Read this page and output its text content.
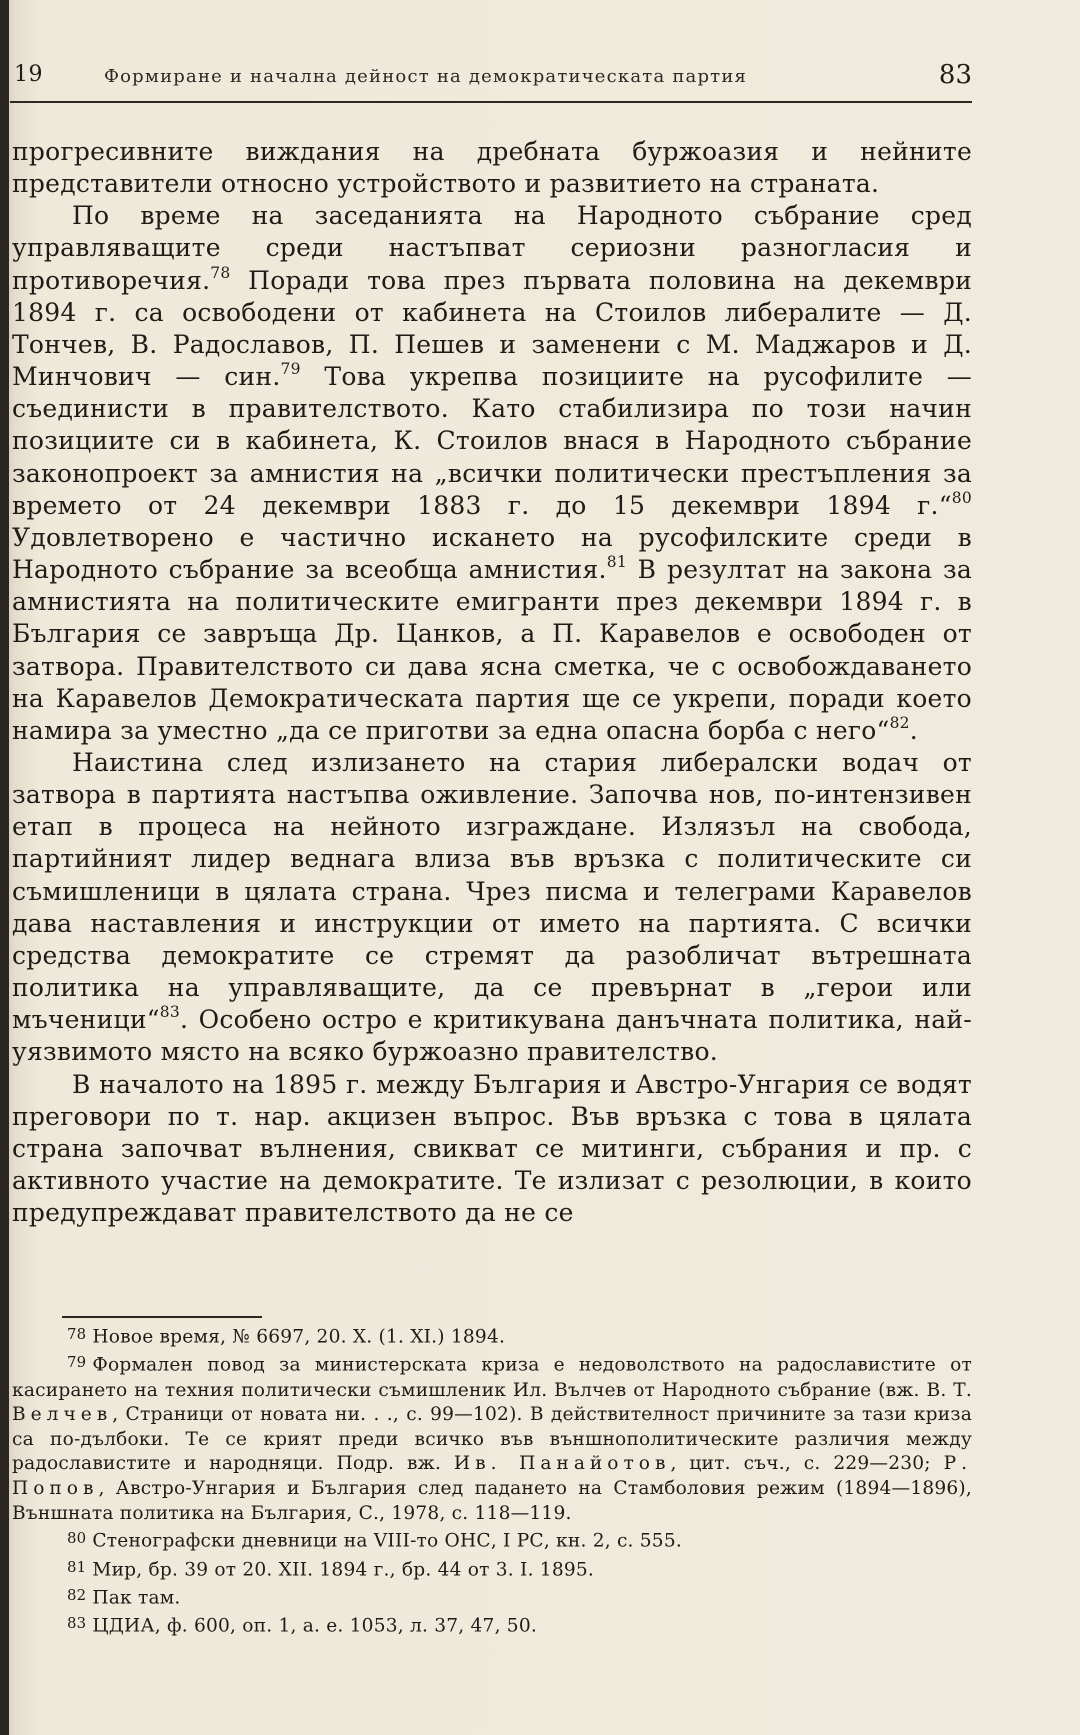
19	Формиране и начална дейност на демократическата партия	83

прогресивните виждания на дребната буржоазия и нейните представители относно устройството и развитието на страната.

По време на заседанията на Народното събрание сред управляващите среди настъпват сериозни разногласия и противоречия.$^{78}$ Поради това през първата половина на декември 1894 г. са освободени от кабинета на Стоилов либералите — Д. Тончев, В. Радославов, П. Пешев и заменени с М. Маджаров и Д. Минчович — син.$^{79}$ Това укрепва позициите на русофилите — съединисти в правителството. Като стабилизира по този начин позициите си в кабинета, К. Стоилов внася в Народното събрание законопроект за амнистия на „всички политически престъпления за времето от 24 декември 1883 г. до 15 декември 1894 г.“$^{80}$ Удовлетворено е частично искането на русофилските среди в Народното събрание за всеобща амнистия.$^{81}$ В резултат на закона за амнистията на политическите емигранти през декември 1894 г. в България се завръща Др. Цанков, а П. Каравелов е освободен от затвора. Правителството си дава ясна сметка, че с освобождаването на Каравелов Демократическата партия ще се укрепи, поради което намира за уместно „да се приготви за една опасна борба с него“$^{82}$.

Наистина след излизането на стария либералски водач от затвора в партията настъпва оживление. Започва нов, по-интензивен етап в процеса на нейното изграждане. Излязъл на свобода, партийният лидер веднага влиза във връзка с политическите си съмишленици в цялата страна. Чрез писма и телеграми Каравелов дава наставления и инструкции от името на партията. С всички средства демократите се стремят да разобличат вътрешната политика на управляващите, да се превърнат в „герои или мъченици“$^{83}$. Особено остро е критикувана данъчната политика, най-уязвимото място на всяко буржоазно правителство.

В началото на 1895 г. между България и Австро-Унгария се водят преговори по т. нар. акцизен въпрос. Във връзка с това в цялата страна започват вълнения, свикват се митинги, събрания и пр. с активното участие на демократите. Те излизат с резолюции, в които предупреждават правителството да не се

78 Новое время, № 6697, 20. X. (1. XI.) 1894.

79 Формален повод за министерската криза е недоволството на радославистите от касирането на техния политически съмишленик Ил. Вълчев от Народното събрание (вж. В. Т. Велчев, Страници от новата ни. . ., с. 99—102). В действителност причините за тази криза са по-дълбоки. Те се крият преди всичко във външнополитическите различия между радославистите и народняци. Подр. вж. Ив. Панайотов, цит. съч., с. 229—230; Р. Попов, Австро-Унгария и България след падането на Стамболовия режим (1894—1896), Външната политика на България, С., 1978, с. 118—119.

80 Стенографски дневници на VIII-то ОНС, I РС, кн. 2, с. 555.

81 Мир, бр. 39 от 20. XII. 1894 г., бр. 44 от 3. I. 1895.

82 Пак там.

83 ЦДИА, ф. 600, оп. 1, а. е. 1053, л. 37, 47, 50.
